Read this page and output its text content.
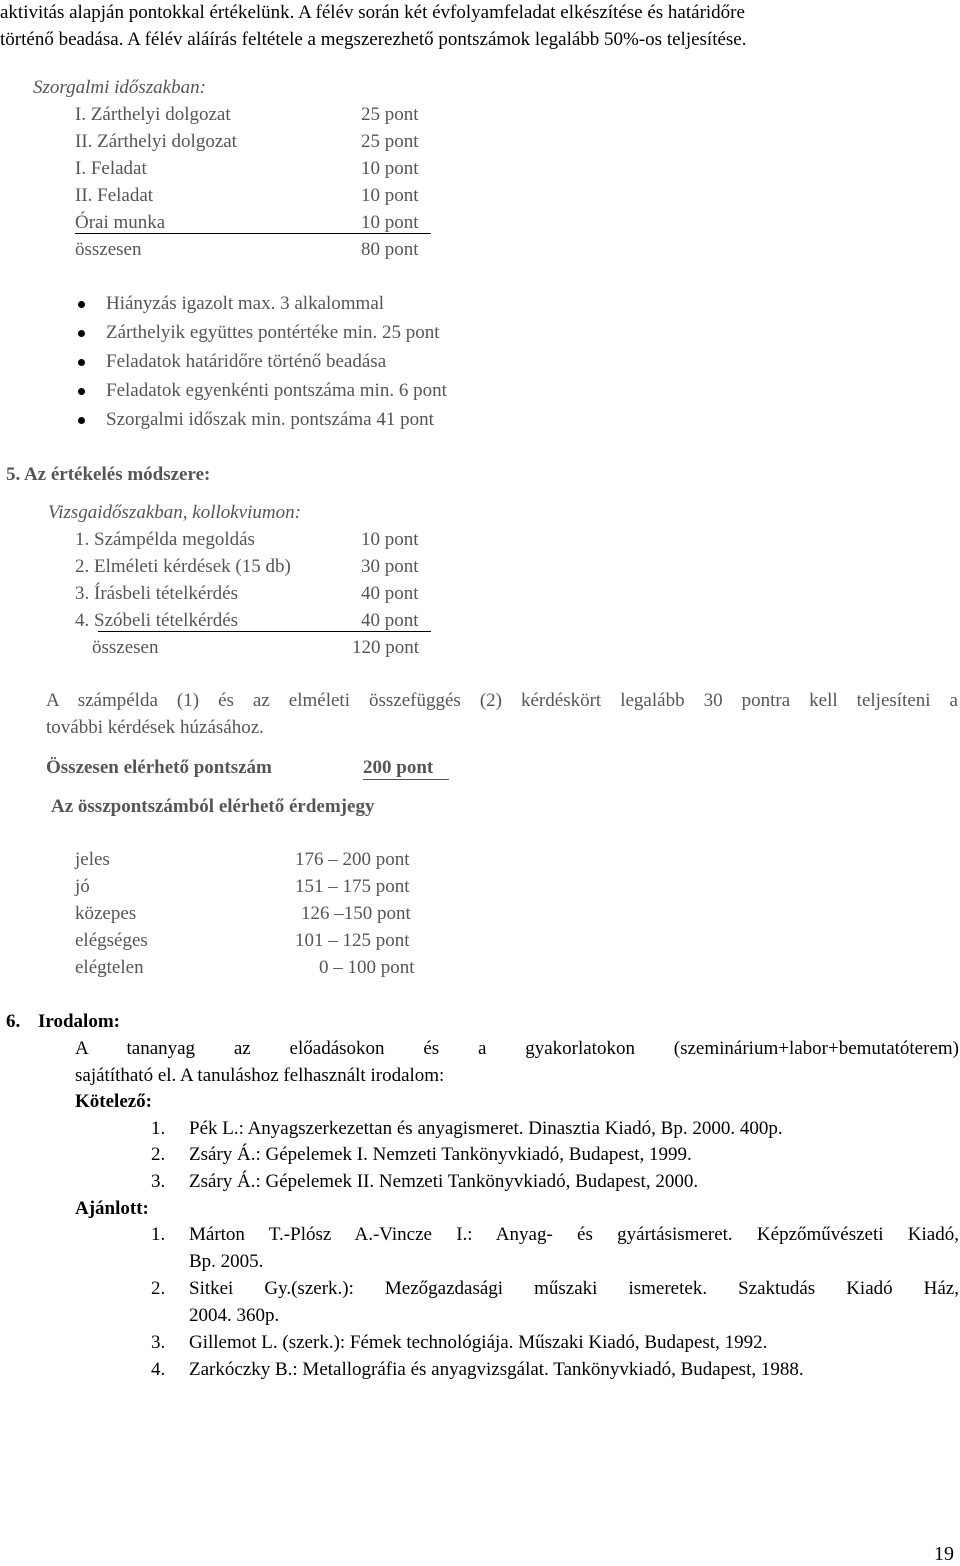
aktivitás alapján pontokkal értékelünk. A félév során két évfolyamfeladat elkészítése és határidőre
történő beadása. A félév aláírás feltétele a megszerezhető pontszámok legalább 50%-os teljesítése.
Szorgalmi időszakban:
I. Zárthelyi dolgozat	25 pont
II. Zárthelyi dolgozat	25 pont
I. Feladat	10 pont
II. Feladat	10 pont
Órai munka	10 pont
összesen	80 pont
Hiányzás igazolt max. 3 alkalommal
Zárthelyik együttes pontértéke min. 25 pont
Feladatok határidőre történő beadása
Feladatok egyenkénti pontszáma min. 6 pont
Szorgalmi időszak min. pontszáma 41 pont
5. Az értékelés módszere:
Vizsgaidőszakban, kollokviumon:
1. Számpélda megoldás	10 pont
2. Elméleti kérdések (15 db)	30 pont
3. Írásbeli tételkérdés	40 pont
4. Szóbeli tételkérdés	40 pont
összesen	120 pont
A számpélda (1) és az elméleti összefüggés (2) kérdéskört legalább 30 pontra kell teljesíteni a
további kérdések húzásához.
Összesen elérhető pontszám	200 pont
Az összpontszámból elérhető érdemjegy
jeles	176 – 200 pont
jó	151 – 175 pont
közepes	126 –150 pont
elégséges	101 – 125 pont
elégtelen	0 – 100 pont
6. Irodalom:
A tananyag az előadásokon és a gyakorlatokon (szeminárium+labor+bemutatóterem)
sajátítható el. A tanuláshoz felhasznált irodalom:
Kötelező:
1. Pék L.: Anyagszerkezettan és anyagismeret. Dinasztia Kiadó, Bp. 2000. 400p.
2. Zsáry Á.: Gépelemek I. Nemzeti Tankönyvkiadó, Budapest, 1999.
3. Zsáry Á.: Gépelemek II. Nemzeti Tankönyvkiadó, Budapest, 2000.
Ajánlott:
1. Márton T.-Plósz A.-Vincze I.: Anyag- és gyártásismeret. Képzőművészeti Kiadó,
Bp. 2005.
2. Sitkei Gy.(szerk.): Mezőgazdasági műszaki ismeretek. Szaktudás Kiadó Ház,
2004. 360p.
3. Gillemot L. (szerk.): Fémek technológiája. Műszaki Kiadó, Budapest, 1992.
4. Zarkóczky B.: Metallográfia és anyagvizsgálat. Tankönyvkiadó, Budapest, 1988.
19
